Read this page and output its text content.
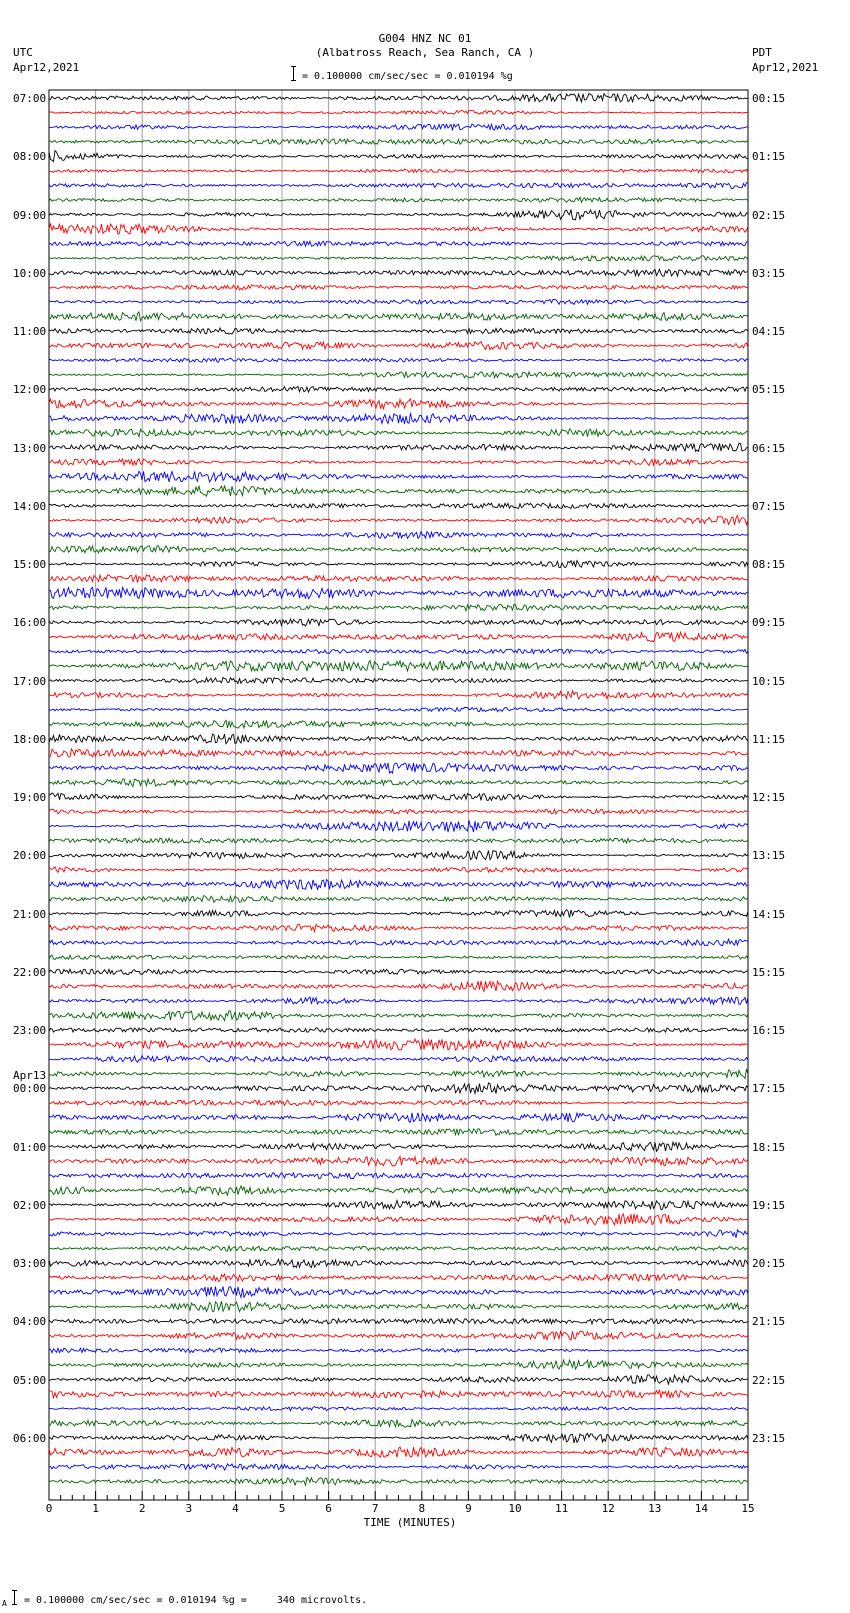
0	1	2	3	4	5	6	7	8	9	10	11	12	13	14	15
G004 HNZ NC 01
(Albatross Reach, Sea Ranch, CA )
UTC
Apr12,2021
PDT
Apr12,2021
= 0.100000 cm/sec/sec = 0.010194 %g
07:00
08:00
09:00
10:00
11:00
12:00
13:00
14:00
15:00
16:00
17:00
18:00
19:00
20:00
21:00
22:00
23:00
00:00
01:00
02:00
03:00
04:00
05:00
06:00
00:15
01:15
02:15
03:15
04:15
05:15
06:15
07:15
08:15
09:15
10:15
11:15
12:15
13:15
14:15
15:15
16:15
17:15
18:15
19:15
20:15
21:15
22:15
23:15
Apr13
TIME (MINUTES)
A = 0.100000 cm/sec/sec = 0.010194 %g =     340 microvolts.
